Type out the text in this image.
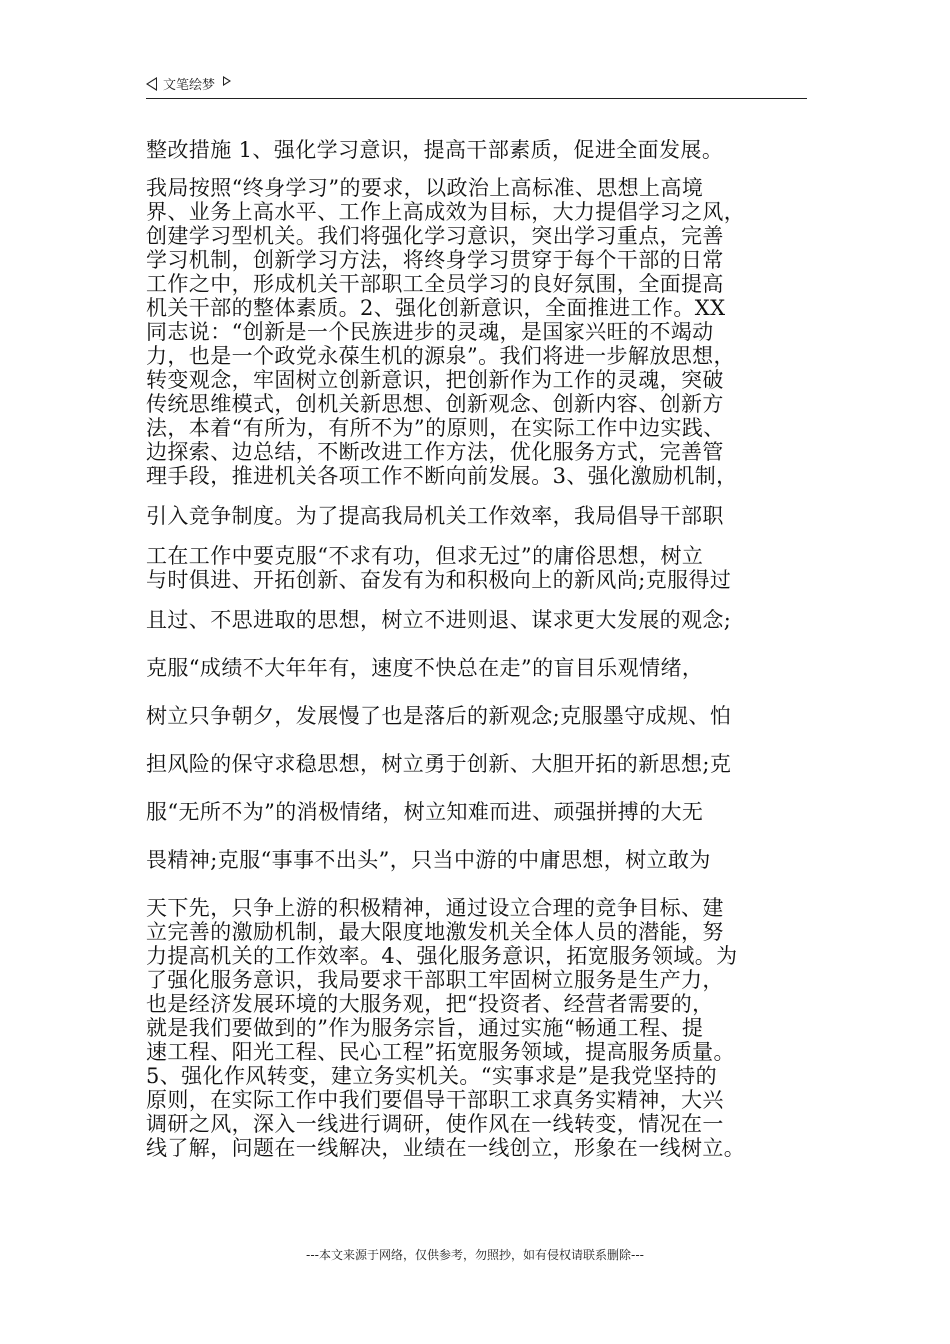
文笔绘梦
整改措施 1、强化学习意识，提高干部素质，促进全面发展。
我局按照“终身学习”的要求，以政治上高标准、思想上高境
界、业务上高水平、工作上高成效为目标，大力提倡学习之风，
创建学习型机关。我们将强化学习意识，突出学习重点，完善
学习机制，创新学习方法，将终身学习贯穿于每个干部的日常
工作之中，形成机关干部职工全员学习的良好氛围，全面提高
机关干部的整体素质。2、强化创新意识，全面推进工作。XX
同志说：“创新是一个民族进步的灵魂，是国家兴旺的不竭动
力，也是一个政党永葆生机的源泉”。我们将进一步解放思想，
转变观念，牢固树立创新意识，把创新作为工作的灵魂，突破
传统思维模式，创机关新思想、创新观念、创新内容、创新方
法，本着“有所为，有所不为”的原则，在实际工作中边实践、
边探索、边总结，不断改进工作方法，优化服务方式，完善管
理手段，推进机关各项工作不断向前发展。3、强化激励机制，
引入竞争制度。为了提高我局机关工作效率，我局倡导干部职
工在工作中要克服“不求有功，但求无过”的庸俗思想，树立
与时俱进、开拓创新、奋发有为和积极向上的新风尚;克服得过
且过、不思进取的思想，树立不进则退、谋求更大发展的观念;
克服“成绩不大年年有，速度不快总在走”的盲目乐观情绪，
树立只争朝夕，发展慢了也是落后的新观念;克服墨守成规、怕
担风险的保守求稳思想，树立勇于创新、大胆开拓的新思想;克
服“无所不为”的消极情绪，树立知难而进、顽强拼搏的大无
畏精神;克服“事事不出头”，只当中游的中庸思想，树立敢为
天下先，只争上游的积极精神，通过设立合理的竞争目标、建
立完善的激励机制，最大限度地激发机关全体人员的潜能，努
力提高机关的工作效率。4、强化服务意识，拓宽服务领域。为
了强化服务意识，我局要求干部职工牢固树立服务是生产力，
也是经济发展环境的大服务观，把“投资者、经营者需要的，
就是我们要做到的”作为服务宗旨，通过实施“畅通工程、提
速工程、阳光工程、民心工程”拓宽服务领域，提高服务质量。
5、强化作风转变，建立务实机关。“实事求是”是我党坚持的
原则，在实际工作中我们要倡导干部职工求真务实精神，大兴
调研之风，深入一线进行调研，使作风在一线转变，情况在一
线了解，问题在一线解决，业绩在一线创立，形象在一线树立。
---本文来源于网络，仅供参考，勿照抄，如有侵权请联系删除---
